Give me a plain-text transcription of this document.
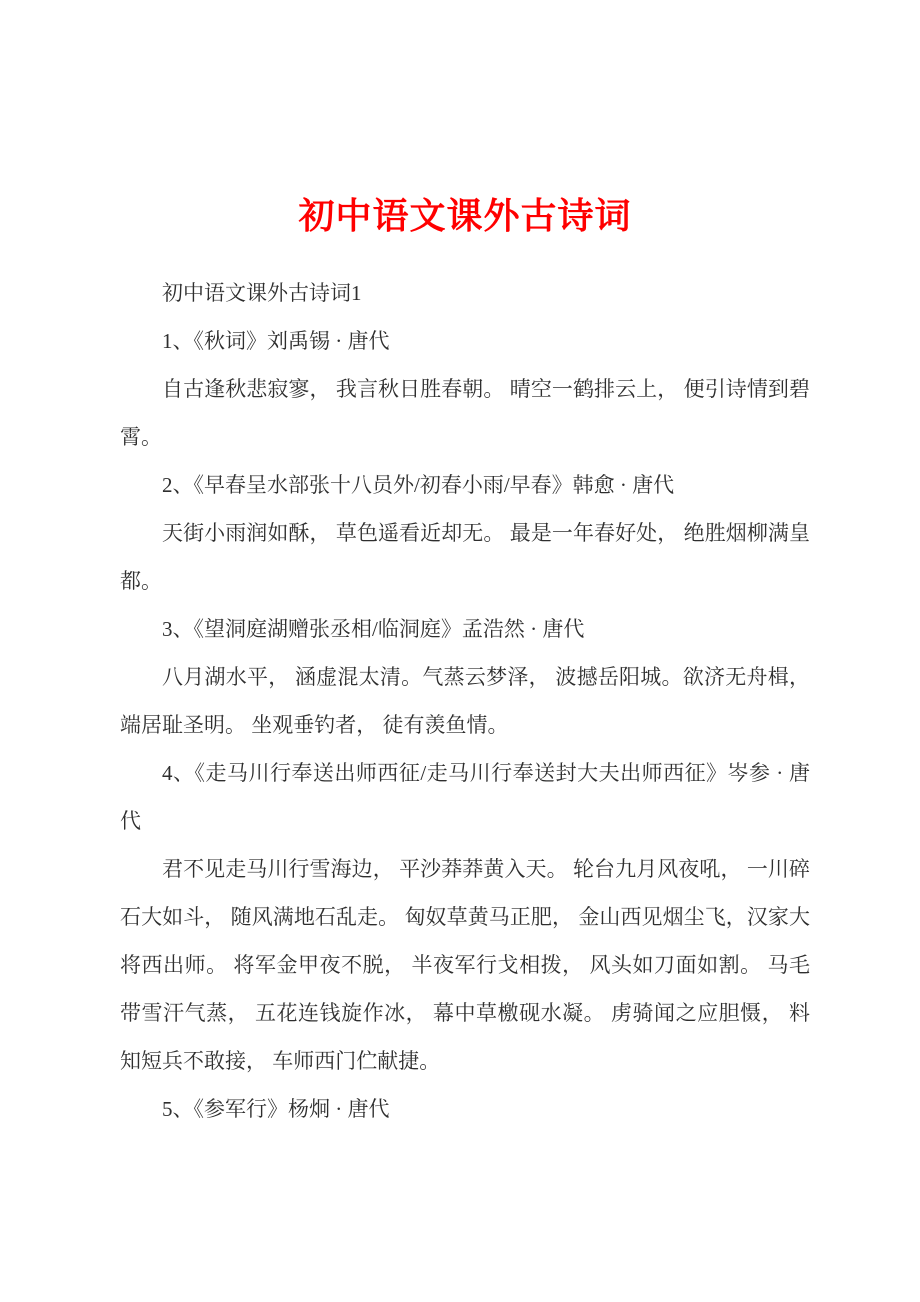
初中语文课外古诗词

初中语文课外古诗词1

1、《秋词》刘禹锡 · 唐代

自古逢秋悲寂寥， 我言秋日胜春朝。 晴空一鹤排云上， 便引诗情到碧霄。

2、《早春呈水部张十八员外/初春小雨/早春》韩愈 · 唐代

天街小雨润如酥， 草色遥看近却无。 最是一年春好处， 绝胜烟柳满皇都。

3、《望洞庭湖赠张丞相/临洞庭》孟浩然 · 唐代

八月湖水平， 涵虚混太清。气蒸云梦泽， 波撼岳阳城。欲济无舟楫， 端居耻圣明。 坐观垂钓者， 徒有羡鱼情。

4、《走马川行奉送出师西征/走马川行奉送封大夫出师西征》岑参 · 唐代

君不见走马川行雪海边， 平沙莽莽黄入天。 轮台九月风夜吼， 一川碎石大如斗， 随风满地石乱走。 匈奴草黄马正肥， 金山西见烟尘飞，汉家大将西出师。 将军金甲夜不脱， 半夜军行戈相拨， 风头如刀面如割。 马毛带雪汗气蒸， 五花连钱旋作冰， 幕中草檄砚水凝。 虏骑闻之应胆慑， 料知短兵不敢接， 车师西门伫献捷。

5、《参军行》杨炯 · 唐代
